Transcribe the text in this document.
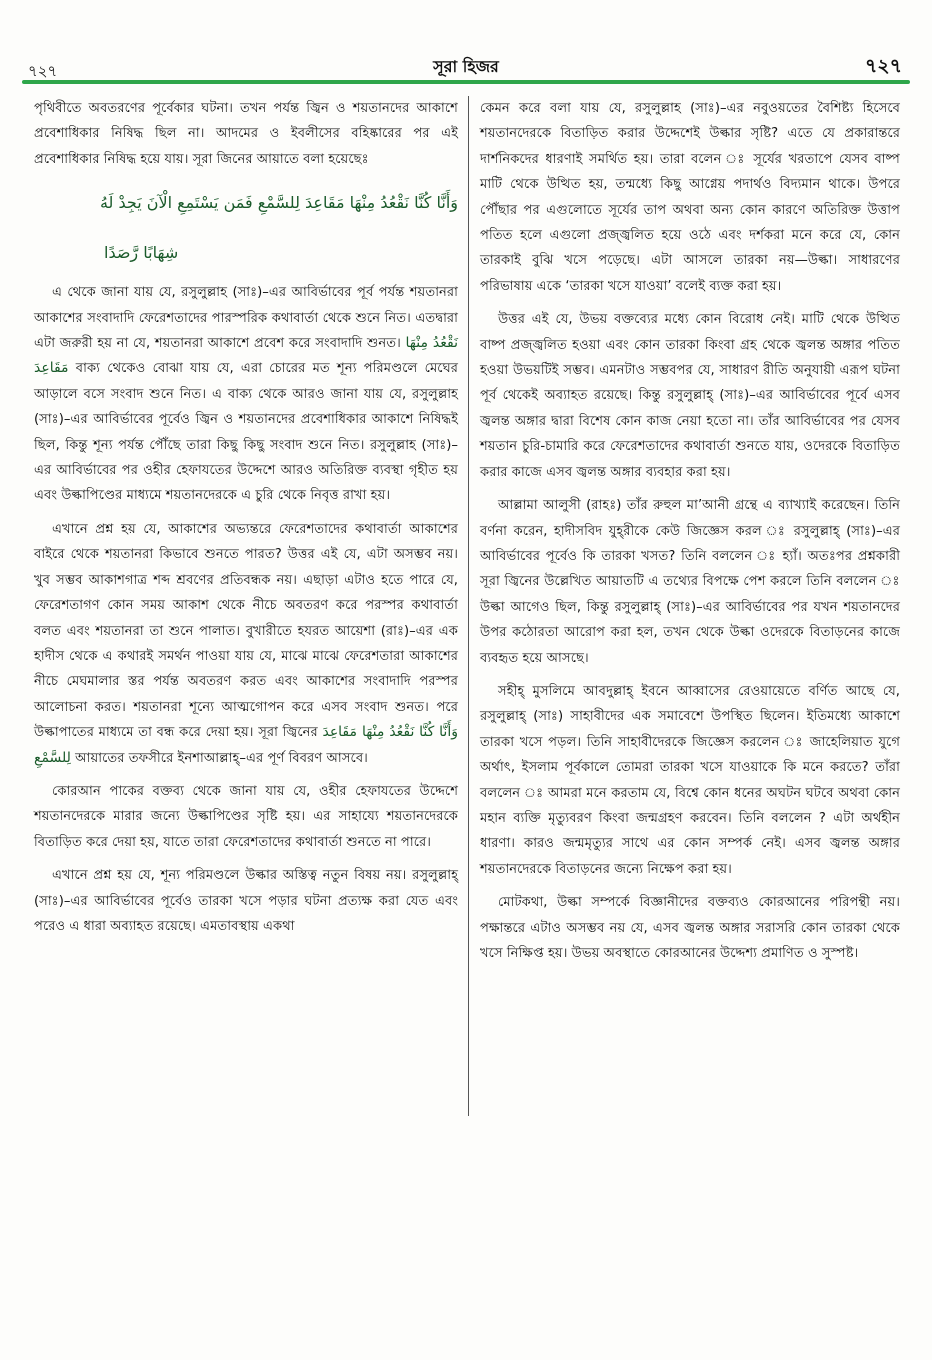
৭২৭	সূরা হিজর	৭২৭

পৃথিবীতে অবতরণের পূর্বেকার ঘটনা। তখন পর্যন্ত জ্বিন ও শয়তানদের আকাশে প্রবেশাধিকার নিষিদ্ধ ছিল না। আদমের ও ইবলীসের বহিষ্কারের পর এই প্রবেশাধিকার নিষিদ্ধ হয়ে যায়। সূরা জিনের আয়াতে বলা হয়েছেঃ

وَأَنَّا كُنَّا نَقْعُدُ مِنْهَا مَقَاعِدَ لِلسَّمْعِ فَمَن يَسْتَمِعِ الْآنَ يَجِدْ لَهُ
شِهَابًا رَّصَدًا

এ থেকে জানা যায় যে, রসুলুল্লাহ (সাঃ)–এর আবির্ভাবের পূর্ব পর্যন্ত শয়তানরা আকাশের সংবাদাদি ফেরেশতাদের পারস্পরিক কথাবার্তা থেকে শুনে নিত। এতদ্বারা এটা জরুরী হয় না যে, শয়তানরা আকাশে প্রবেশ করে সংবাদাদি শুনত। نَقْعُدُ مِنْهَا مَقَاعِدَ বাক্য থেকেও বোঝা যায় যে, এরা চোরের মত শূন্য পরিমণ্ডলে মেঘের আড়ালে বসে সংবাদ শুনে নিত। এ বাক্য থেকে আরও জানা যায় যে, রসুলুল্লাহ (সাঃ)–এর আবির্ভাবের পূর্বেও জ্বিন ও শয়তানদের প্রবেশাধিকার আকাশে নিষিদ্ধই ছিল, কিন্তু শূন্য পর্যন্ত পৌঁছে তারা কিছু কিছু সংবাদ শুনে নিত। রসুলুল্লাহ (সাঃ)–এর আবির্ভাবের পর ওহীর হেফাযতের উদ্দেশে আরও অতিরিক্ত ব্যবস্থা গৃহীত হয় এবং উল্কাপিণ্ডের মাধ্যমে শয়তানদেরকে এ চুরি থেকে নিবৃত্ত রাখা হয়।

এখানে প্রশ্ন হয় যে, আকাশের অভ্যন্তরে ফেরেশতাদের কথাবার্তা আকাশের বাইরে থেকে শয়তানরা কিভাবে শুনতে পারত? উত্তর এই যে, এটা অসম্ভব নয়। খুব সম্ভব আকাশগাত্র শব্দ শ্রবণের প্রতিবন্ধক নয়। এছাড়া এটাও হতে পারে যে, ফেরেশতাগণ কোন সময় আকাশ থেকে নীচে অবতরণ করে পরস্পর কথাবার্তা বলত এবং শয়তানরা তা শুনে পালাত। বুখারীতে হযরত আয়েশা (রাঃ)–এর এক হাদীস থেকে এ কথারই সমর্থন পাওয়া যায় যে, মাঝে মাঝে ফেরেশতারা আকাশের নীচে মেঘমালার স্তর পর্যন্ত অবতরণ করত এবং আকাশের সংবাদাদি পরস্পর আলোচনা করত। শয়তানরা শূন্যে আত্মগোপন করে এসব সংবাদ শুনত। পরে উল্কাপাতের মাধ্যমে তা বন্ধ করে দেয়া হয়। সূরা জ্বিনের	وَأَنَّا كُنَّا نَقْعُدُ مِنْهَا مَقَاعِدَ لِلسَّمْعِ আয়াতের তফসীরে ইনশাআল্লাহ্‌–এর পূর্ণ বিবরণ আসবে।

কোরআন পাকের বক্তব্য থেকে জানা যায় যে, ওহীর হেফাযতের উদ্দেশে শয়তানদেরকে মারার জন্যে উল্কাপিণ্ডের সৃষ্টি হয়। এর সাহায্যে শয়তানদেরকে বিতাড়িত করে দেয়া হয়, যাতে তারা ফেরেশতাদের কথাবার্তা শুনতে না পারে।

এখানে প্রশ্ন হয় যে, শূন্য পরিমণ্ডলে উল্কার অস্তিত্ব নতুন বিষয় নয়। রসুলুল্লাহ্ (সাঃ)–এর আবির্ভাবের পূর্বেও তারকা খসে পড়ার ঘটনা প্রত্যক্ষ করা যেত এবং পরেও এ ধারা অব্যাহত রয়েছে। এমতাবস্থায় একথা

কেমন করে বলা যায় যে, রসুলুল্লাহ (সাঃ)–এর নবুওয়তের বৈশিষ্ট্য হিসেবে শয়তানদেরকে বিতাড়িত করার উদ্দেশেই উল্কার সৃষ্টি? এতে যে প্রকারান্তরে দার্শনিকদের ধারণাই সমর্থিত হয়। তারা বলেন ঃ সূর্যের খরতাপে যেসব বাষ্প মাটি থেকে উত্থিত হয়, তন্মধ্যে কিছু আগ্নেয় পদার্থও বিদ্যমান থাকে। উপরে পৌঁছার পর এগুলোতে সূর্যের তাপ অথবা অন্য কোন কারণে অতিরিক্ত উত্তাপ পতিত হলে এগুলো প্রজ্জ্বলিত হয়ে ওঠে এবং দর্শকরা মনে করে যে, কোন তারকাই বুঝি খসে পড়েছে। এটা আসলে তারকা নয়—উল্কা। সাধারণের পরিভাষায় একে ‘তারকা খসে যাওয়া’ বলেই ব্যক্ত করা হয়।

উত্তর এই যে, উভয় বক্তব্যের মধ্যে কোন বিরোধ নেই। মাটি থেকে উত্থিত বাষ্প প্রজ্জ্বলিত হওয়া এবং কোন তারকা কিংবা গ্রহ থেকে জ্বলন্ত অঙ্গার পতিত হওয়া উভয়টিই সম্ভব। এমনটাও সম্ভবপর যে, সাধারণ রীতি অনুযায়ী এরূপ ঘটনা পূর্ব থেকেই অব্যাহত রয়েছে। কিন্তু রসুলুল্লাহ্ (সাঃ)–এর আবির্ভাবের পূর্বে এসব জ্বলন্ত অঙ্গার দ্বারা বিশেষ কোন কাজ নেয়া হতো না। তাঁর আবির্ভাবের পর যেসব শয়তান চুরি-চামারি করে ফেরেশতাদের কথাবার্তা শুনতে যায়, ওদেরকে বিতাড়িত করার কাজে এসব জ্বলন্ত অঙ্গার ব্যবহার করা হয়।

আল্লামা আলুসী (রাহঃ) তাঁর রুহুল মা’আনী গ্রন্থে এ ব্যাখ্যাই করেছেন। তিনি বর্ণনা করেন, হাদীসবিদ যুহ্‌রীকে কেউ জিজ্ঞেস করল ঃ রসুলুল্লাহ্ (সাঃ)–এর আবির্ভাবের পূর্বেও কি তারকা খসত? তিনি বললেন ঃ হ্যাঁ। অতঃপর প্রশ্নকারী সূরা জ্বিনের উল্লেখিত আয়াতটি এ তথ্যের বিপক্ষে পেশ করলে তিনি বললেন ঃ উল্কা আগেও ছিল, কিন্তু রসুলুল্লাহ্ (সাঃ)–এর আবির্ভাবের পর যখন শয়তানদের উপর কঠোরতা আরোপ করা হল, তখন থেকে উল্কা ওদেরকে বিতাড়নের কাজে ব্যবহৃত হয়ে আসছে।

সহীহ্ মুসলিমে আবদুল্লাহ্ ইবনে আব্বাসের রেওয়ায়েতে বর্ণিত আছে যে, রসুলুল্লাহ্ (সাঃ) সাহাবীদের এক সমাবেশে উপস্থিত ছিলেন। ইতিমধ্যে আকাশে তারকা খসে পড়ল। তিনি সাহাবীদেরকে জিজ্ঞেস করলেন ঃ জাহেলিয়াত যুগে অর্থাৎ, ইসলাম পূর্বকালে তোমরা তারকা খসে যাওয়াকে কি মনে করতে? তাঁরা বললেন ঃ আমরা মনে করতাম যে, বিশ্বে কোন ধনের অঘটন ঘটবে অথবা কোন মহান ব্যক্তি মৃত্যুবরণ কিংবা জন্মগ্রহণ করবেন। তিনি বললেন ? এটা অর্থহীন ধারণা। কারও জন্মমৃত্যুর সাথে এর কোন সম্পর্ক নেই। এসব জ্বলন্ত অঙ্গার শয়তানদেরকে বিতাড়নের জন্যে নিক্ষেপ করা হয়।

মোটকথা, উল্কা সম্পর্কে বিজ্ঞানীদের বক্তব্যও কোরআনের পরিপন্থী নয়। পক্ষান্তরে এটাও অসম্ভব নয় যে, এসব জ্বলন্ত অঙ্গার সরাসরি কোন তারকা থেকে খসে নিক্ষিপ্ত হয়। উভয় অবস্থাতে কোরআনের উদ্দেশ্য প্রমাণিত ও সুস্পষ্ট।
